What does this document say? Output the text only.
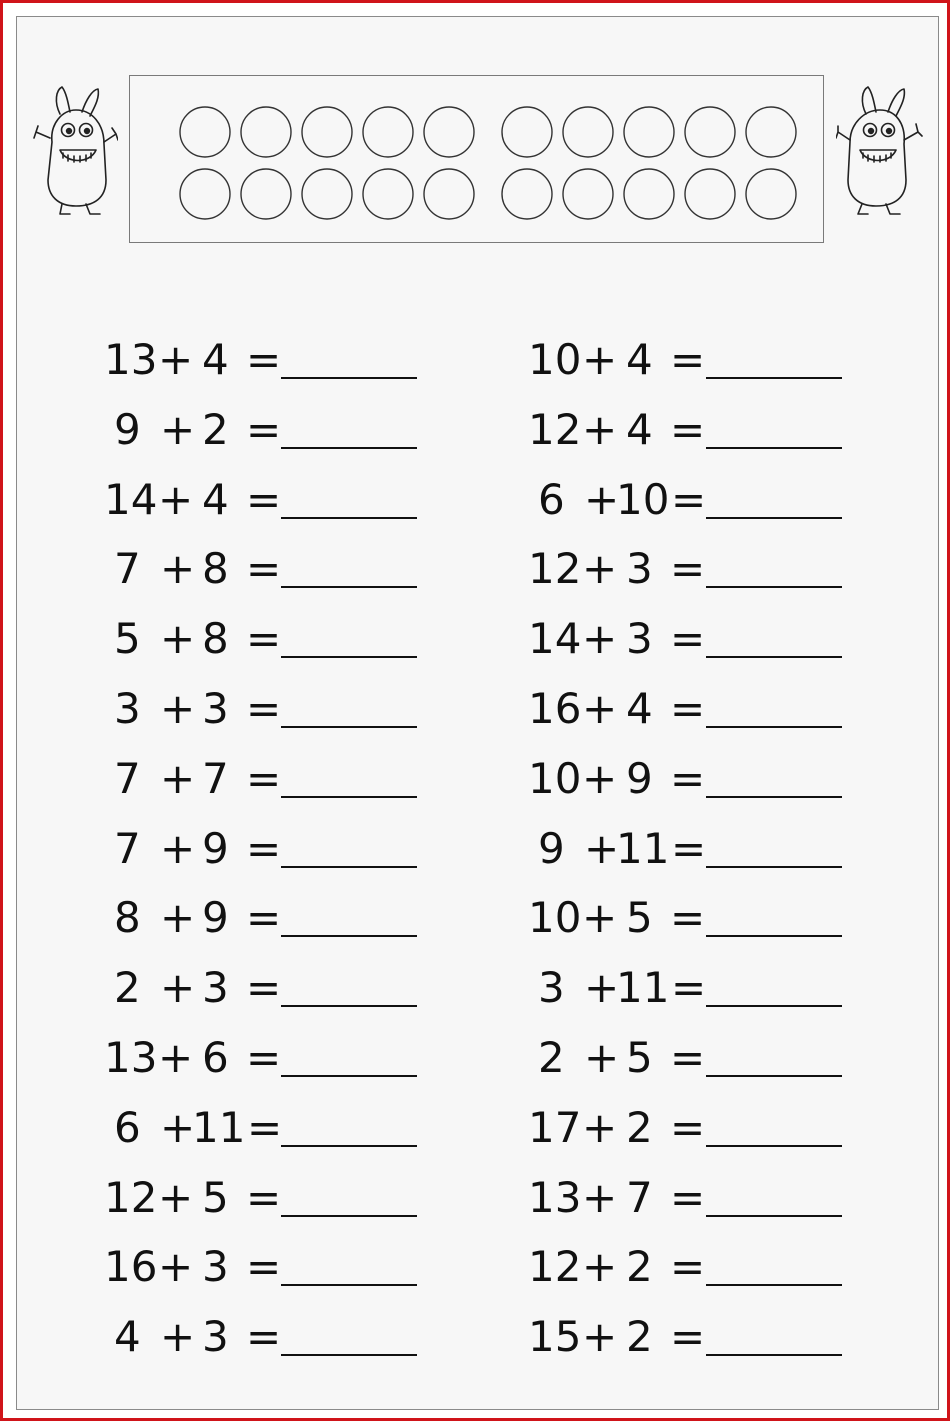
13 + 4 =
9 + 2 =
14 + 4 =
7 + 8 =
5 + 8 =
3 + 3 =
7 + 7 =
7 + 9 =
8 + 9 =
2 + 3 =
13 + 6 =
6 +
11 =
12 + 5 =
16 + 3 =
4 + 3 =
10 + 4 =
12 + 4 =
6 +
10 =
12 + 3 =
14 + 3 =
16 + 4 =
10 + 9 =
9 +
11 =
10 + 5 =
3 +
11 =
2 + 5 =
17 + 2 =
13 + 7 =
12 + 2 =
15 + 2 =
